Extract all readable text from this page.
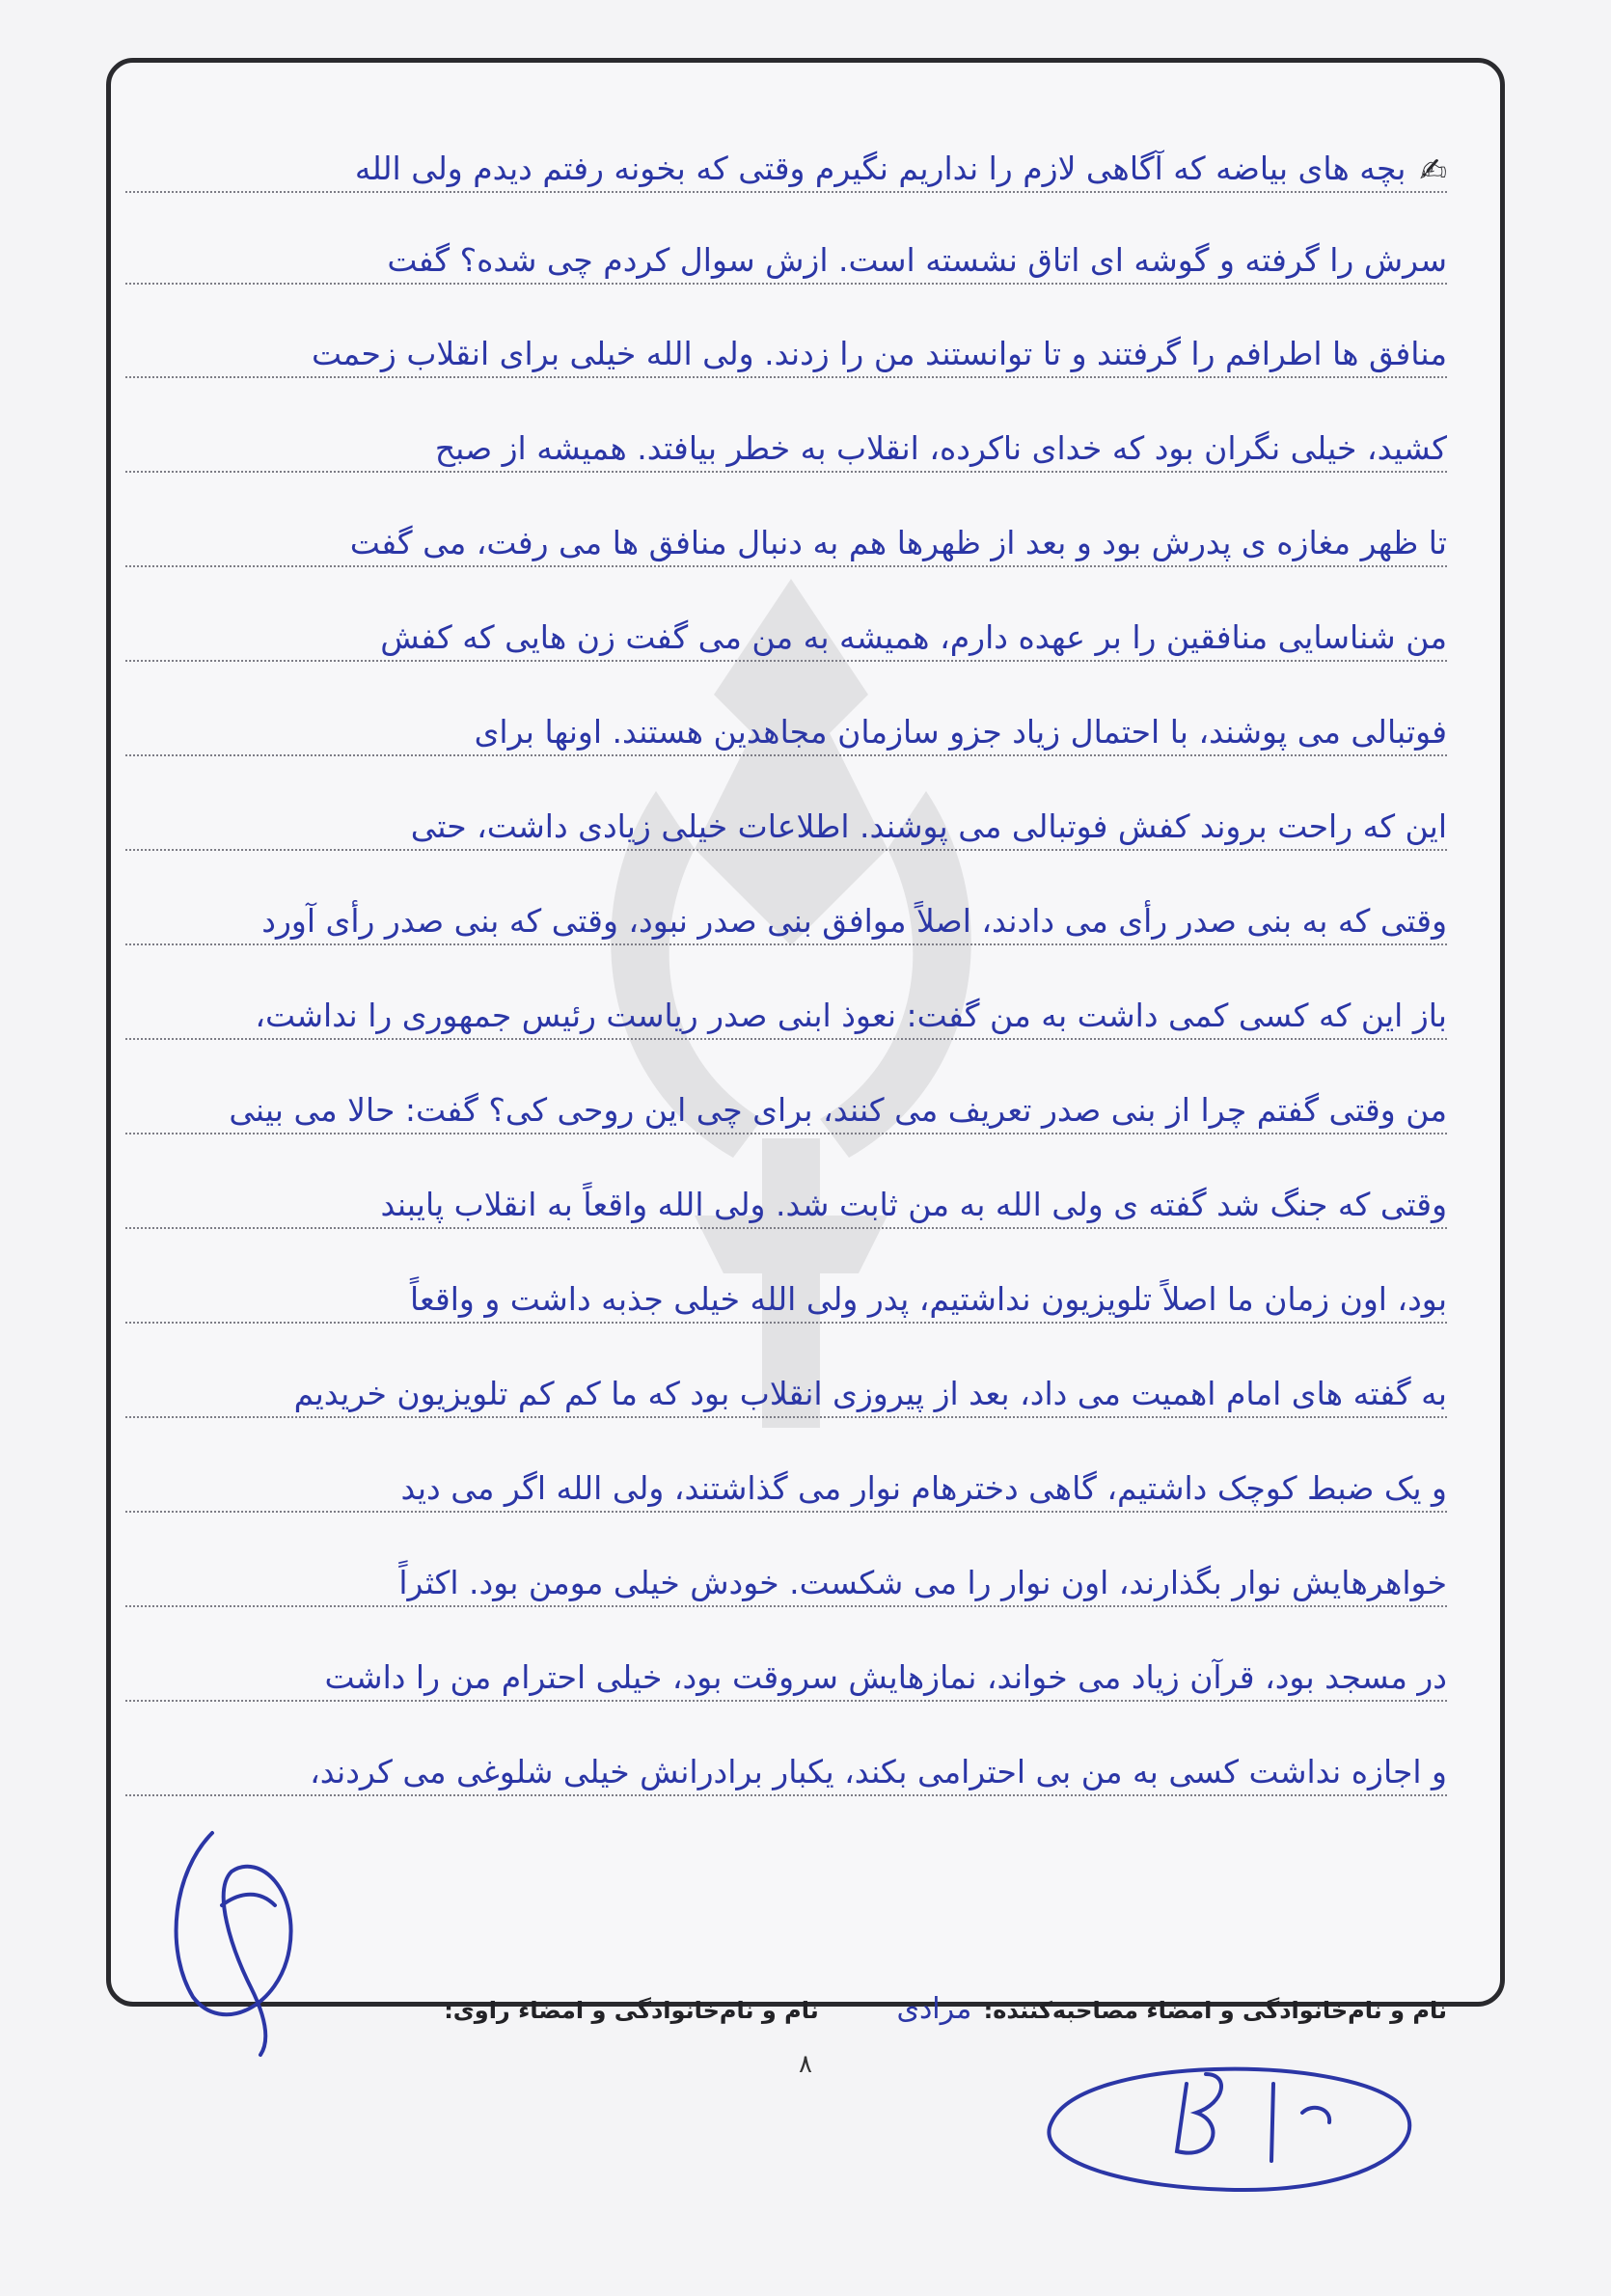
✍بچه های بیاضه که آگاهی لازم را نداریم نگیرم وقتی که بخونه رفتم دیدم ولی الله
سرش را گرفته و گوشه ای اتاق نشسته است. ازش سوال کردم چی شده؟ گفت
منافق ها اطرافم را گرفتند و تا توانستند من را زدند. ولی الله خیلی برای انقلاب زحمت
کشید، خیلی نگران بود که خدای ناکرده، انقلاب به خطر بیافتد. همیشه از صبح
تا ظهر مغازه ی پدرش بود و بعد از ظهرها هم به دنبال منافق ها می رفت، می گفت
من شناسایی منافقین را بر عهده دارم، همیشه به من می گفت زن هایی که کفش
فوتبالی می پوشند، با احتمال زیاد جزو سازمان مجاهدین هستند. اونها برای
این که راحت بروند کفش فوتبالی می پوشند. اطلاعات خیلی زیادی داشت، حتی
وقتی که به بنی صدر رأی می دادند، اصلاً موافق بنی صدر نبود، وقتی که بنی صدر رأی آورد
باز این که کسی کمی داشت به من گفت: نعوذ ابنی صدر ریاست رئیس جمهوری را نداشت،
من وقتی گفتم چرا از بنی صدر تعریف می کنند، برای چی این روحی کی؟ گفت: حالا می بینی
وقتی که جنگ شد گفته ی ولی الله به من ثابت شد. ولی الله واقعاً به انقلاب پایبند
بود، اون زمان ما اصلاً تلویزیون نداشتیم، پدر ولی الله خیلی جذبه داشت و واقعاً
به گفته های امام اهمیت می داد، بعد از پیروزی انقلاب بود که ما کم کم تلویزیون خریدیم
و یک ضبط کوچک داشتیم، گاهی دخترهام نوار می گذاشتند، ولی الله اگر می دید
خواهرهایش نوار بگذارند، اون نوار را می شکست. خودش خیلی مومن بود. اکثراً
در مسجد بود، قرآن زیاد می خواند، نمازهایش سروقت بود، خیلی احترام من را داشت
و اجازه نداشت کسی به من بی احترامی بکند، یکبار برادرانش خیلی شلوغی می کردند،
نام و نام‌خانوادگی و امضاء مصاحبه‌کننده: مرادی  نام و نام‌خانوادگی و امضاء راوی:
۸
